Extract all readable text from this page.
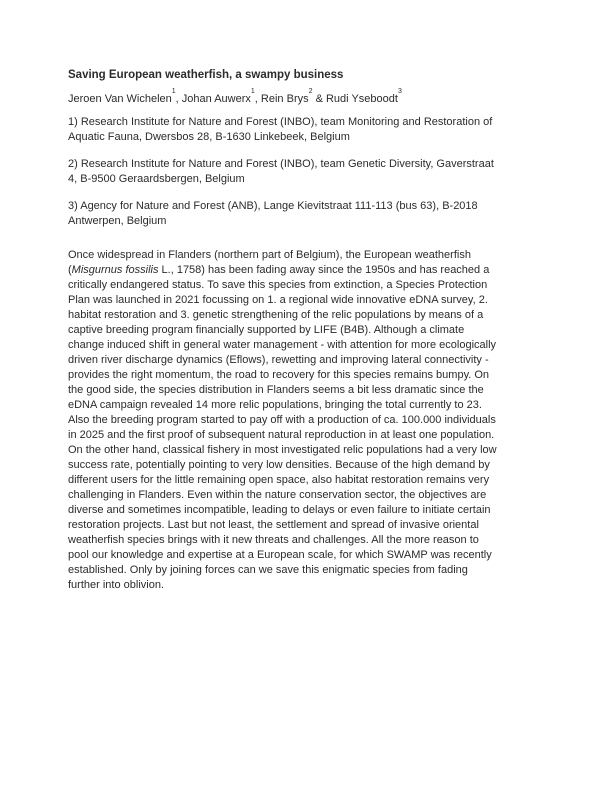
Saving European weatherfish, a swampy business

Jeroen Van Wichelen$^1$, Johan Auwerx$^1$, Rein Brys$^2$ & Rudi Yseboodt$^3$

1) Research Institute for Nature and Forest (INBO), team Monitoring and Restoration of
Aquatic Fauna, Dwersbos 28, B-1630 Linkebeek, Belgium

2) Research Institute for Nature and Forest (INBO), team Genetic Diversity, Gaverstraat
4, B-9500 Geraardsbergen, Belgium

3) Agency for Nature and Forest (ANB), Lange Kievitstraat 111-113 (bus 63), B-2018
Antwerpen, Belgium

Once widespread in Flanders (northern part of Belgium), the European weatherfish
(Misgurnus fossilis L., 1758) has been fading away since the 1950s and has reached a
critically endangered status. To save this species from extinction, a Species Protection
Plan was launched in 2021 focussing on 1. a regional wide innovative eDNA survey, 2.
habitat restoration and 3. genetic strengthening of the relic populations by means of a
captive breeding program financially supported by LIFE (B4B). Although a climate
change induced shift in general water management - with attention for more ecologically
driven river discharge dynamics (Eflows), rewetting and improving lateral connectivity -
provides the right momentum, the road to recovery for this species remains bumpy. On
the good side, the species distribution in Flanders seems a bit less dramatic since the
eDNA campaign revealed 14 more relic populations, bringing the total currently to 23.
Also the breeding program started to pay off with a production of ca. 100.000 individuals
in 2025 and the first proof of subsequent natural reproduction in at least one population.
On the other hand, classical fishery in most investigated relic populations had a very low
success rate, potentially pointing to very low densities. Because of the high demand by
different users for the little remaining open space, also habitat restoration remains very
challenging in Flanders. Even within the nature conservation sector, the objectives are
diverse and sometimes incompatible, leading to delays or even failure to initiate certain
restoration projects. Last but not least, the settlement and spread of invasive oriental
weatherfish species brings with it new threats and challenges. All the more reason to
pool our knowledge and expertise at a European scale, for which SWAMP was recently
established. Only by joining forces can we save this enigmatic species from fading
further into oblivion.
